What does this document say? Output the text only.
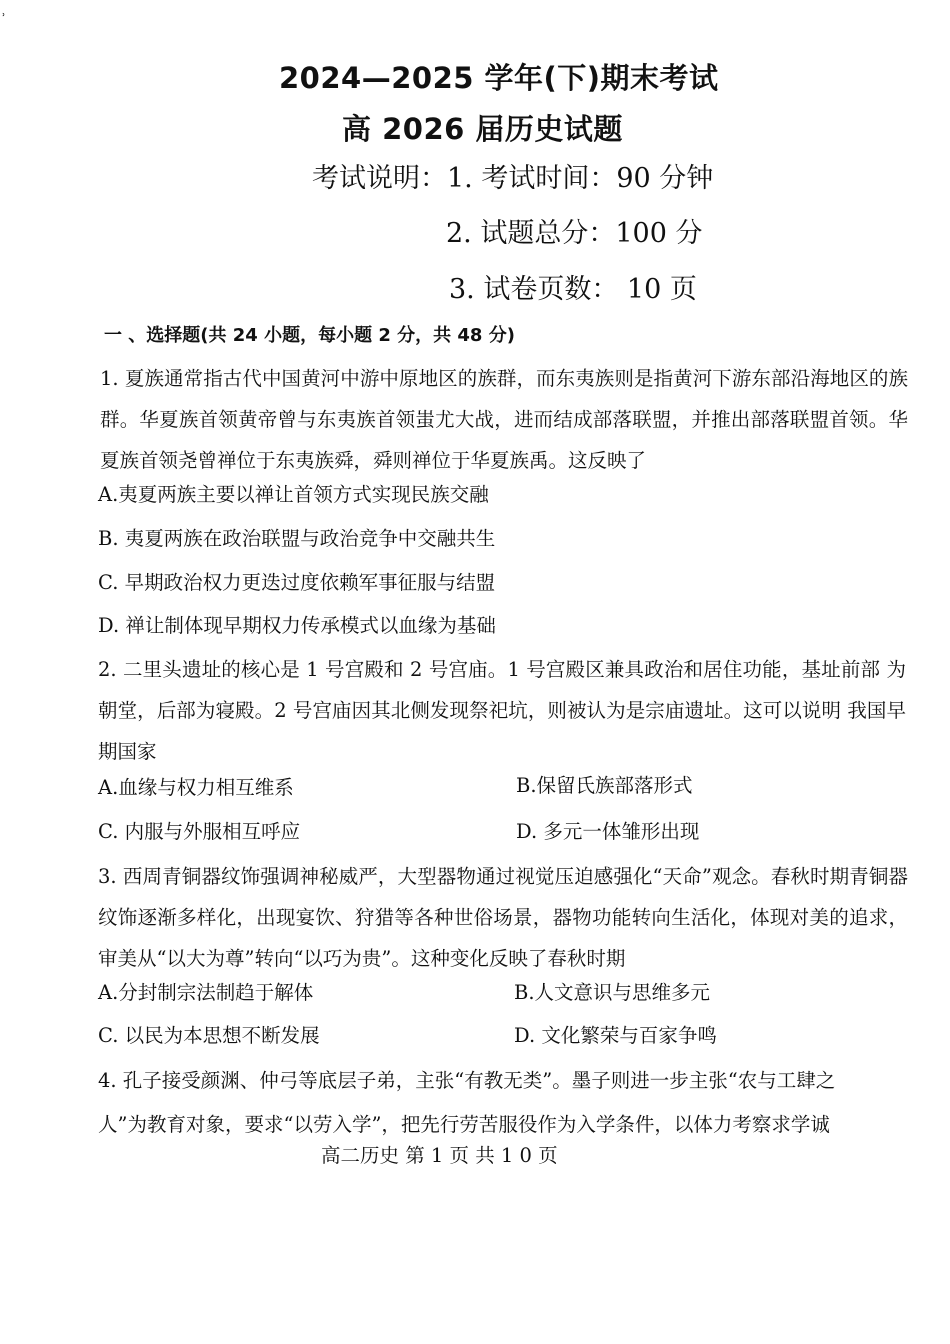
˒
2024—2025 学年(下)期末考试
高 2026 届历史试题
考试说明：1. 考试时间：90 分钟
2. 试题总分：100 分
3. 试卷页数： 10 页
一 、选择题(共 24 小题，每小题 2 分，共 48 分)
1. 夏族通常指古代中国黄河中游中原地区的族群，而东夷族则是指黄河下游东部沿海地区的族群。华夏族首领黄帝曾与东夷族首领蚩尤大战，进而结成部落联盟，并推出部落联盟首领。华夏族首领尧曾禅位于东夷族舜，舜则禅位于华夏族禹。这反映了
A.夷夏两族主要以禅让首领方式实现民族交融
B. 夷夏两族在政治联盟与政治竞争中交融共生
C. 早期政治权力更迭过度依赖军事征服与结盟
D. 禅让制体现早期权力传承模式以血缘为基础
2. 二里头遗址的核心是 1 号宫殿和 2 号宫庙。1 号宫殿区兼具政治和居住功能，基址前部 为朝堂，后部为寝殿。2 号宫庙因其北侧发现祭祀坑，则被认为是宗庙遗址。这可以说明 我国早期国家
A.血缘与权力相互维系	B.保留氏族部落形式
C. 内服与外服相互呼应	D. 多元一体雏形出现
3. 西周青铜器纹饰强调神秘威严，大型器物通过视觉压迫感强化“天命”观念。春秋时期青铜器纹饰逐渐多样化，出现宴饮、狩猎等各种世俗场景，器物功能转向生活化，体现对美的追求，审美从“以大为尊”转向“以巧为贵”。这种变化反映了春秋时期
A.分封制宗法制趋于解体	B.人文意识与思维多元
C. 以民为本思想不断发展	D. 文化繁荣与百家争鸣
4. 孔子接受颜渊、仲弓等底层子弟，主张“有教无类”。墨子则进一步主张“农与工肆之
人”为教育对象，要求“以劳入学”，把先行劳苦服役作为入学条件，以体力考察求学诚
高二历史 第 1 页 共 1 0 页
